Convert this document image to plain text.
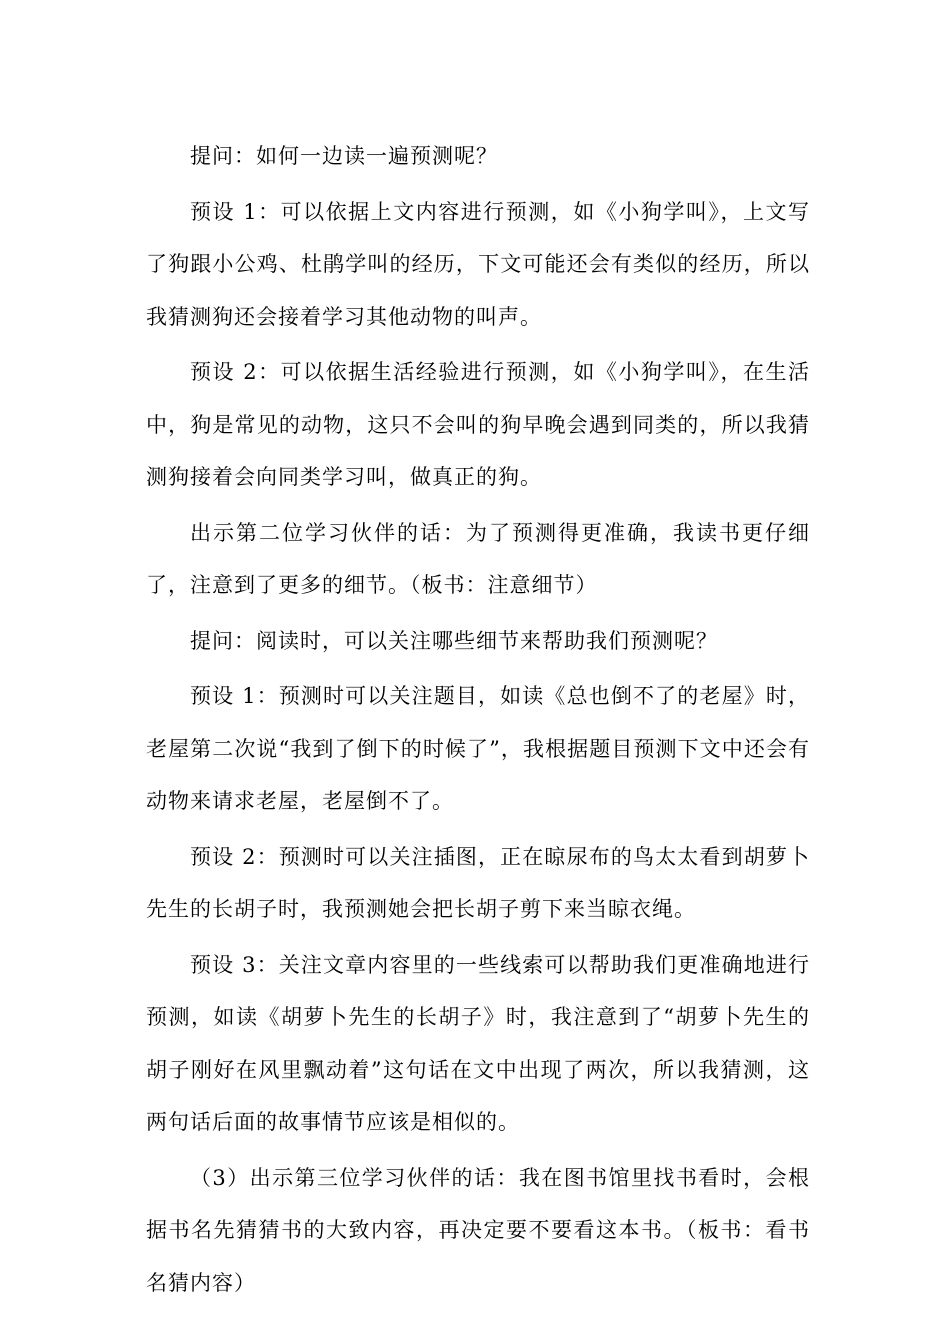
提问：如何一边读一遍预测呢？

预设 1：可以依据上文内容进行预测，如《小狗学叫》，上文写了狗跟小公鸡、杜鹃学叫的经历，下文可能还会有类似的经历，所以我猜测狗还会接着学习其他动物的叫声。

预设 2：可以依据生活经验进行预测，如《小狗学叫》，在生活中，狗是常见的动物，这只不会叫的狗早晚会遇到同类的，所以我猜测狗接着会向同类学习叫，做真正的狗。

出示第二位学习伙伴的话：为了预测得更准确，我读书更仔细了，注意到了更多的细节。（板书：注意细节）

提问：阅读时，可以关注哪些细节来帮助我们预测呢？

预设 1：预测时可以关注题目，如读《总也倒不了的老屋》时，老屋第二次说“我到了倒下的时候了”，我根据题目预测下文中还会有动物来请求老屋，老屋倒不了。

预设 2：预测时可以关注插图，正在晾尿布的鸟太太看到胡萝卜先生的长胡子时，我预测她会把长胡子剪下来当晾衣绳。

预设 3：关注文章内容里的一些线索可以帮助我们更准确地进行预测，如读《胡萝卜先生的长胡子》时，我注意到了“胡萝卜先生的胡子刚好在风里飘动着”这句话在文中出现了两次，所以我猜测，这两句话后面的故事情节应该是相似的。

（3）出示第三位学习伙伴的话：我在图书馆里找书看时，会根据书名先猜猜书的大致内容，再决定要不要看这本书。（板书：看书名猜内容）
